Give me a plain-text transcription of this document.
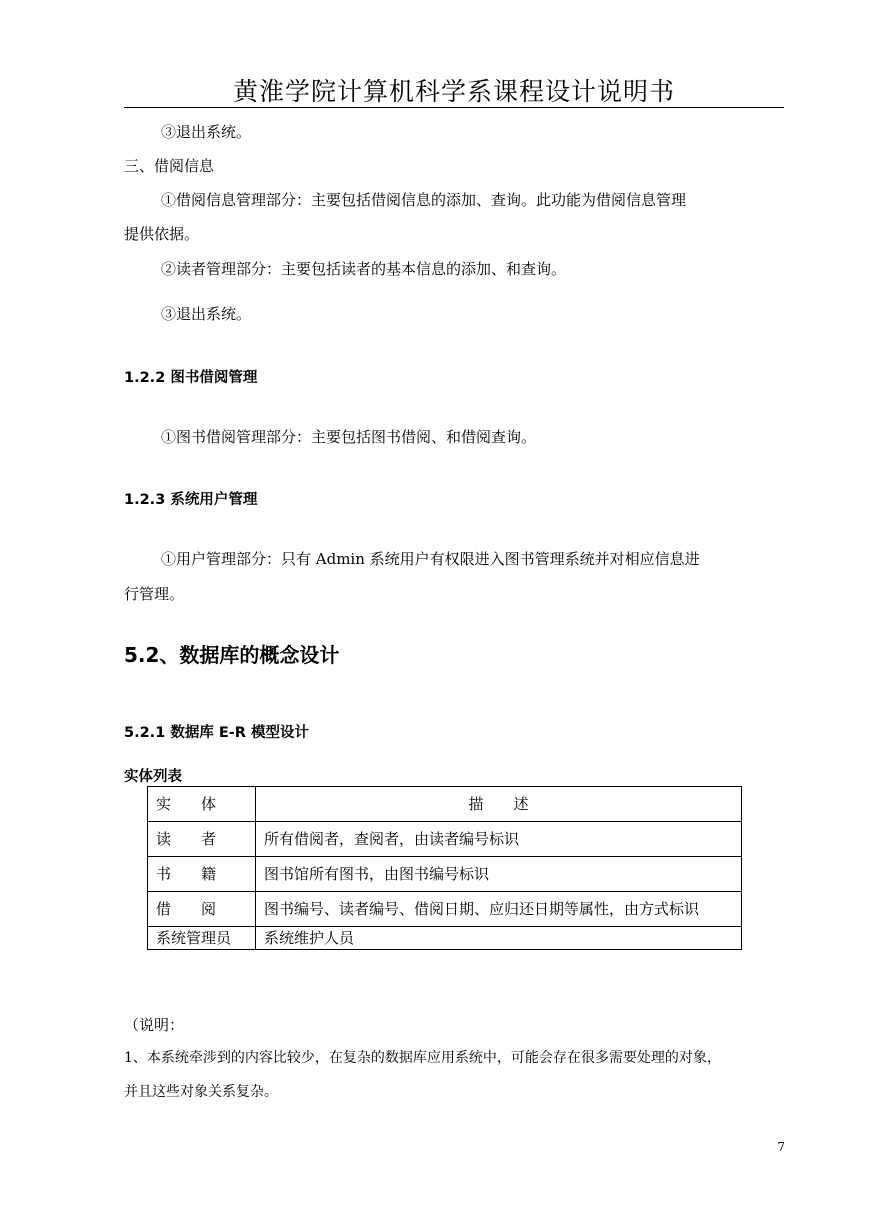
黄淮学院计算机科学系课程设计说明书
③退出系统。
三、借阅信息
①借阅信息管理部分：主要包括借阅信息的添加、查询。此功能为借阅信息管理
提供依据。
②读者管理部分：主要包括读者的基本信息的添加、和查询。
③退出系统。
1.2.2 图书借阅管理
①图书借阅管理部分：主要包括图书借阅、和借阅查询。
1.2.3 系统用户管理
①用户管理部分：只有 Admin 系统用户有权限进入图书管理系统并对相应信息进
行管理。
5.2、数据库的概念设计
5.2.1 数据库 E-R 模型设计
实体列表
实　　体	描　　述
读　　者	所有借阅者，查阅者，由读者编号标识
书　　籍	图书馆所有图书，由图书编号标识
借　　阅	图书编号、读者编号、借阅日期、应归还日期等属性，由方式标识
系统管理员	系统维护人员
（说明：
1、本系统牵涉到的内容比较少，在复杂的数据库应用系统中，可能会存在很多需要处理的对象，
并且这些对象关系复杂。
7
